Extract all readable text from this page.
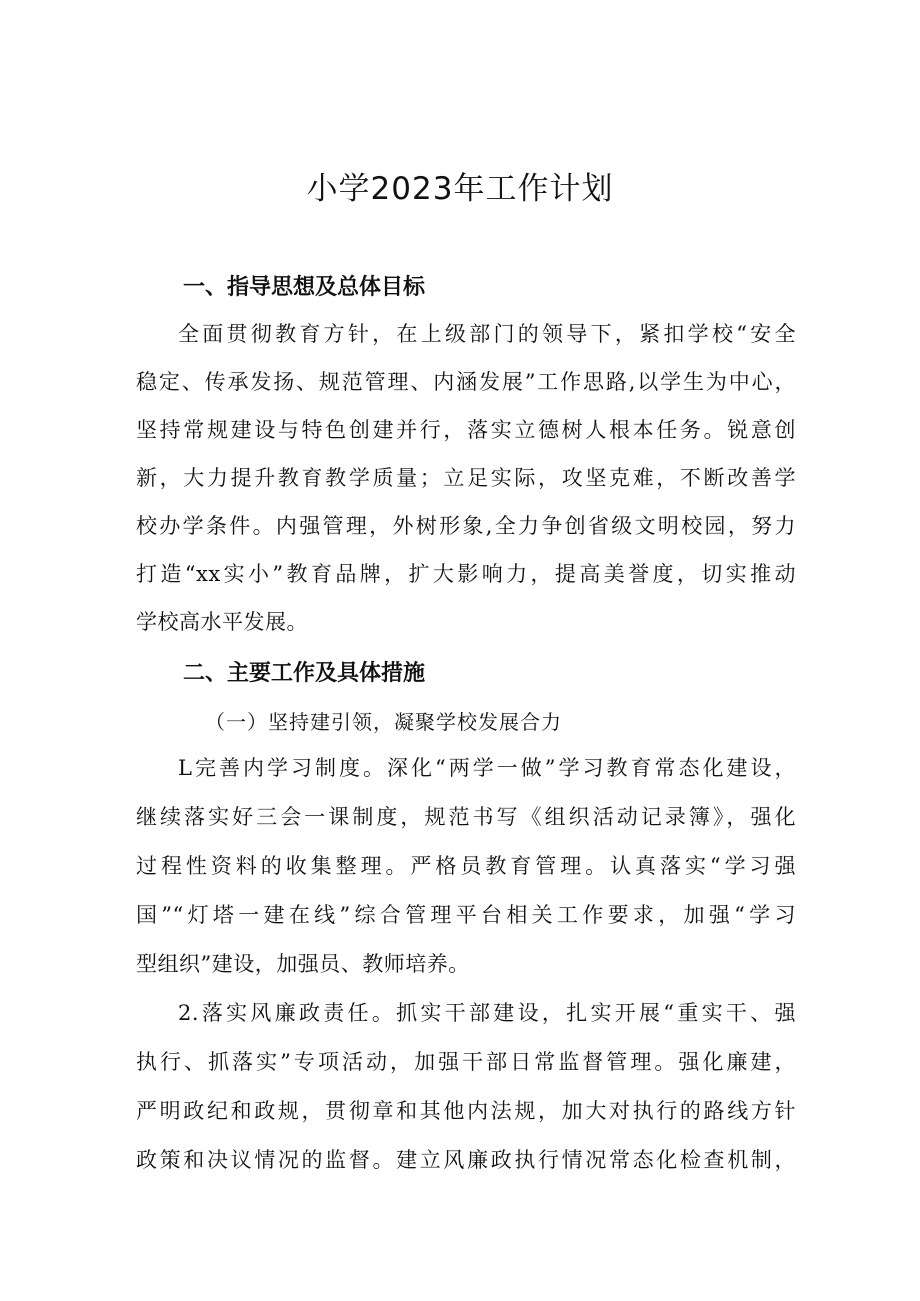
小学2023年工作计划
一、指导思想及总体目标

全面贯彻教育方针，在上级部门的领导下，紧扣学校“安全

稳定、传承发扬、规范管理、内涵发展”工作思路,以学生为中心，

坚持常规建设与特色创建并行，落实立德树人根本任务。锐意创

新，大力提升教育教学质量；立足实际，攻坚克难，不断改善学

校办学条件。内强管理，外树形象,全力争创省级文明校园，努力

打造“xx实小”教育品牌，扩大影响力，提高美誉度，切实推动

学校高水平发展。

二、主要工作及具体措施

（一）坚持建引领，凝聚学校发展合力

L完善内学习制度。深化“两学一做”学习教育常态化建设，

继续落实好三会一课制度，规范书写《组织活动记录簿》，强化

过程性资料的收集整理。严格员教育管理。认真落实“学习强

国”“灯塔一建在线”综合管理平台相关工作要求，加强“学习

型组织”建设，加强员、教师培养。

2.落实风廉政责任。抓实干部建设，扎实开展“重实干、强

执行、抓落实”专项活动，加强干部日常监督管理。强化廉建，

严明政纪和政规，贯彻章和其他内法规，加大对执行的路线方针

政策和决议情况的监督。建立风廉政执行情况常态化检查机制，
